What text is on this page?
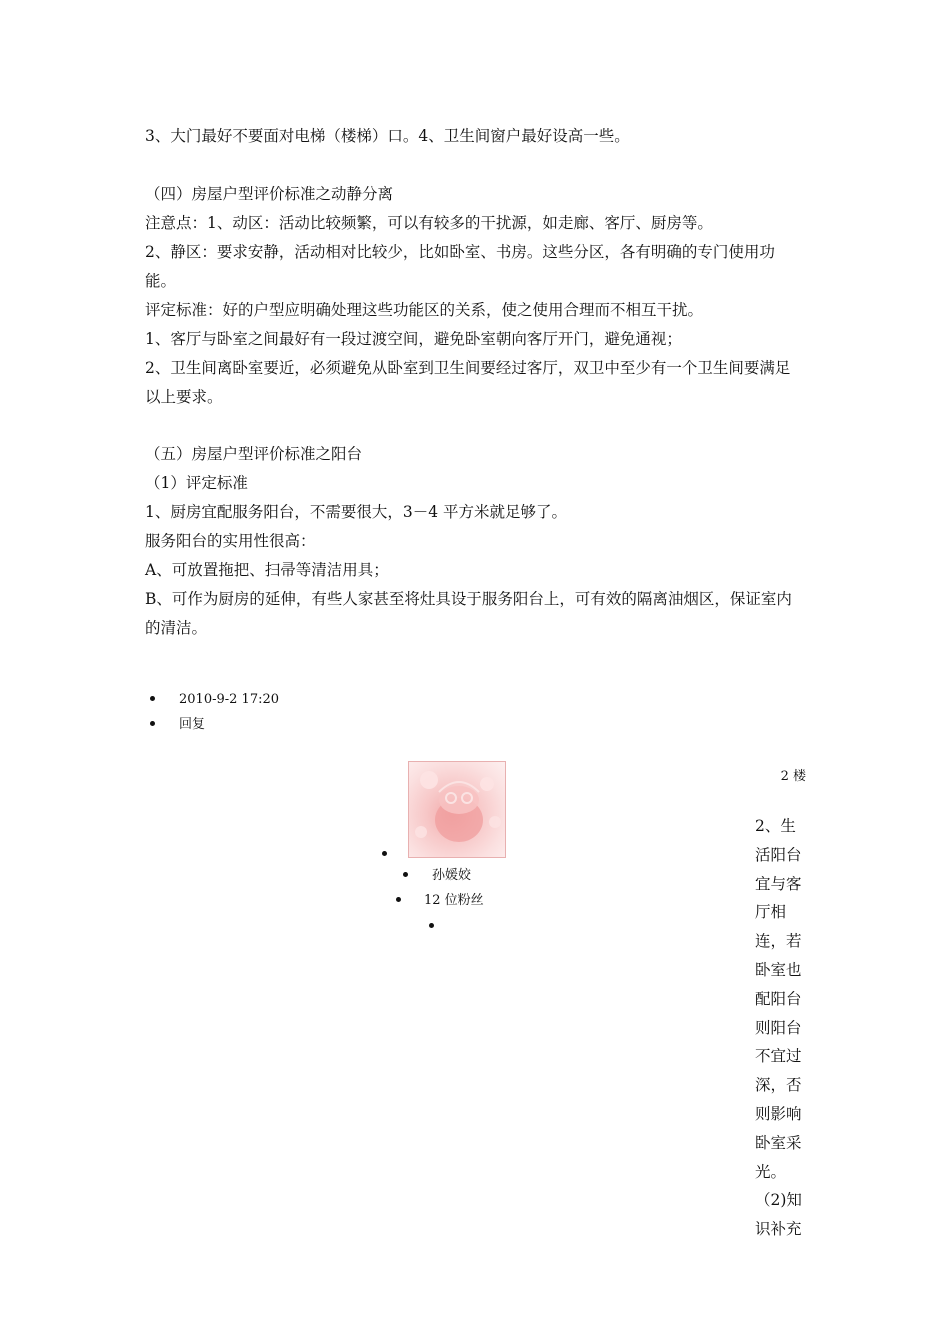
3、大门最好不要面对电梯（楼梯）口。4、卫生间窗户最好设高一些。
（四）房屋户型评价标准之动静分离
注意点：1、动区：活动比较频繁，可以有较多的干扰源，如走廊、客厅、厨房等。
2、静区：要求安静，活动相对比较少，比如卧室、书房。这些分区，各有明确的专门使用功能。
评定标准：好的户型应明确处理这些功能区的关系，使之使用合理而不相互干扰。
1、客厅与卧室之间最好有一段过渡空间，避免卧室朝向客厅开门，避免通视；
2、卫生间离卧室要近，必须避免从卧室到卫生间要经过客厅，双卫中至少有一个卫生间要满足以上要求。
（五）房屋户型评价标准之阳台
（1）评定标准
1、厨房宜配服务阳台，不需要很大，3－4 平方米就足够了。
服务阳台的实用性很高：
A、可放置拖把、扫帚等清洁用具；
B、可作为厨房的延伸，有些人家甚至将灶具设于服务阳台上，可有效的隔离油烟区，保证室内的清洁。
2010-9-2 17:20
回复
孙媛姣
12 位粉丝
2 楼
2、生活阳台宜与客厅相连，若卧室也配阳台则阳台不宜过深，否则影响卧室采光。（2)知识补充
